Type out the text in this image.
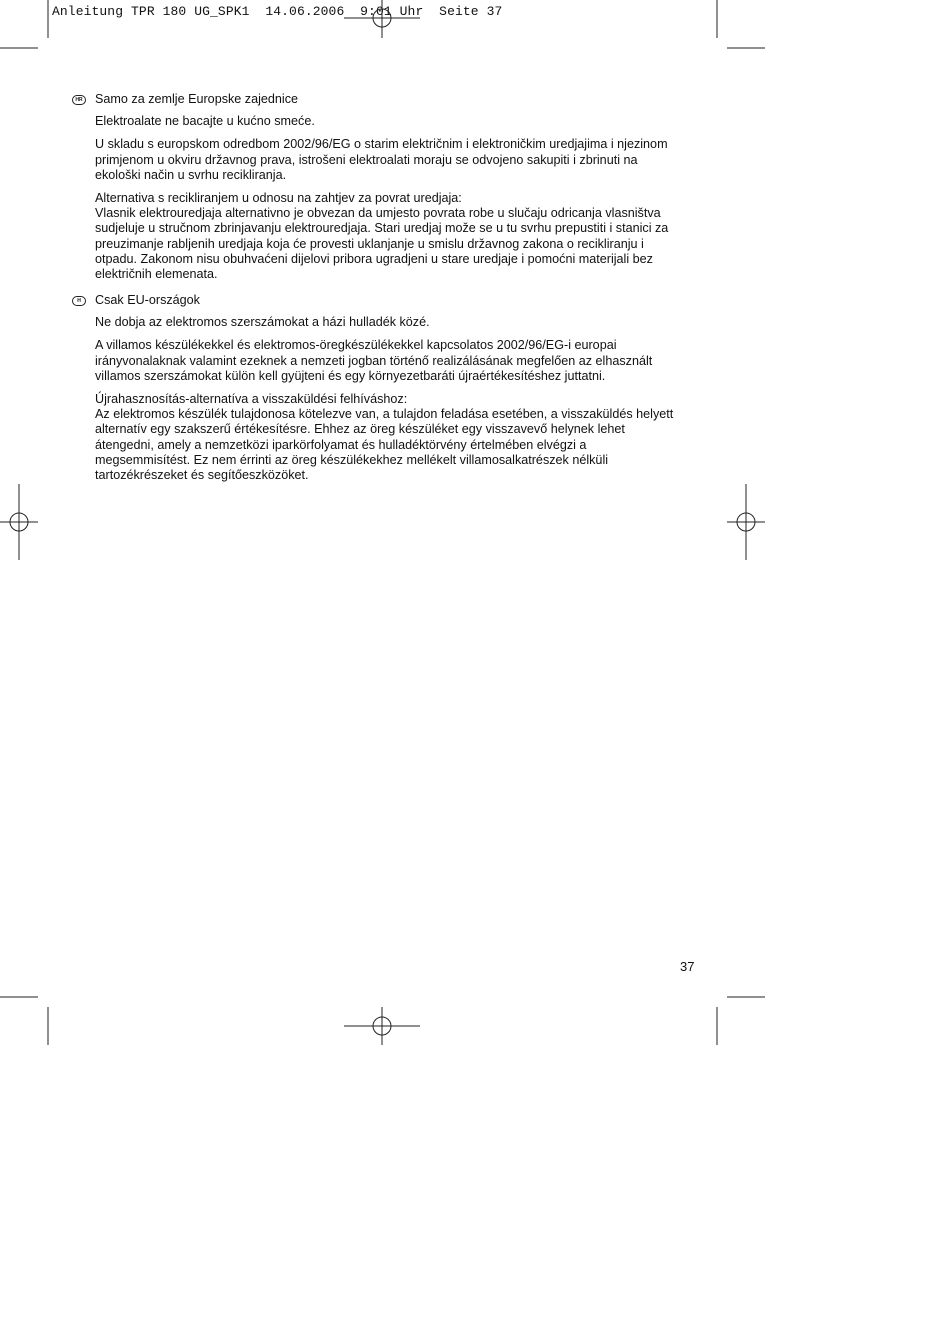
Anleitung TPR 180 UG_SPK1  14.06.2006  9:01 Uhr  Seite 37
HR Samo za zemlje Europske zajednice
Elektroalate ne bacajte u kućno smeće.
U skladu s europskom odredbom 2002/96/EG o starim električnim i elektroničkim uredjajima i njezinom
primjenom u okviru državnog prava, istrošeni elektroalati moraju se odvojeno sakupiti i zbrinuti na
ekološki način u svrhu recikliranja.
Alternativa s recikliranjem u odnosu na zahtjev za povrat uredjaja:
Vlasnik elektrouredjaja alternativno je obvezan da umjesto povrata robe u slučaju odricanja vlasništva
sudjeluje u stručnom zbrinjavanju elektrouredjaja. Stari uredjaj može se u tu svrhu prepustiti i stanici za
preuzimanje rabljenih uredjaja koja će provesti uklanjanje u smislu državnog zakona o recikliranju i
otpadu. Zakonom nisu obuhvaćeni dijelovi pribora ugradjeni u stare uredjaje i pomoćni materijali bez
električnih elemenata.
H	Csak EU-országok
Ne dobja az elektromos szerszámokat a házi hulladék közé.
A villamos készülékekkel és elektromos-öregkészülékekkel kapcsolatos 2002/96/EG-i europai
irányvonalaknak valamint ezeknek a nemzeti jogban történő realizálásának megfelően az elhasznált
villamos szerszámokat külön kell gyüjteni és egy környezetbaráti újraértékesítéshez juttatni.
Újrahasznosítás-alternatíva a visszaküldési felhíváshoz:
Az elektromos készülék tulajdonosa kötelezve van, a tulajdon feladása esetében, a visszaküldés helyett
alternatív egy szakszerű értékesítésre. Ehhez az öreg készüléket egy visszavevő helynek lehet
átengedni, amely a nemzetközi iparkörfolyamat és hulladéktörvény értelmében elvégzi a
megsemmisítést. Ez nem érrinti az öreg készülékekhez mellékelt villamosalkatrészek nélküli
tartozékrészeket és segítőeszközöket.
37
